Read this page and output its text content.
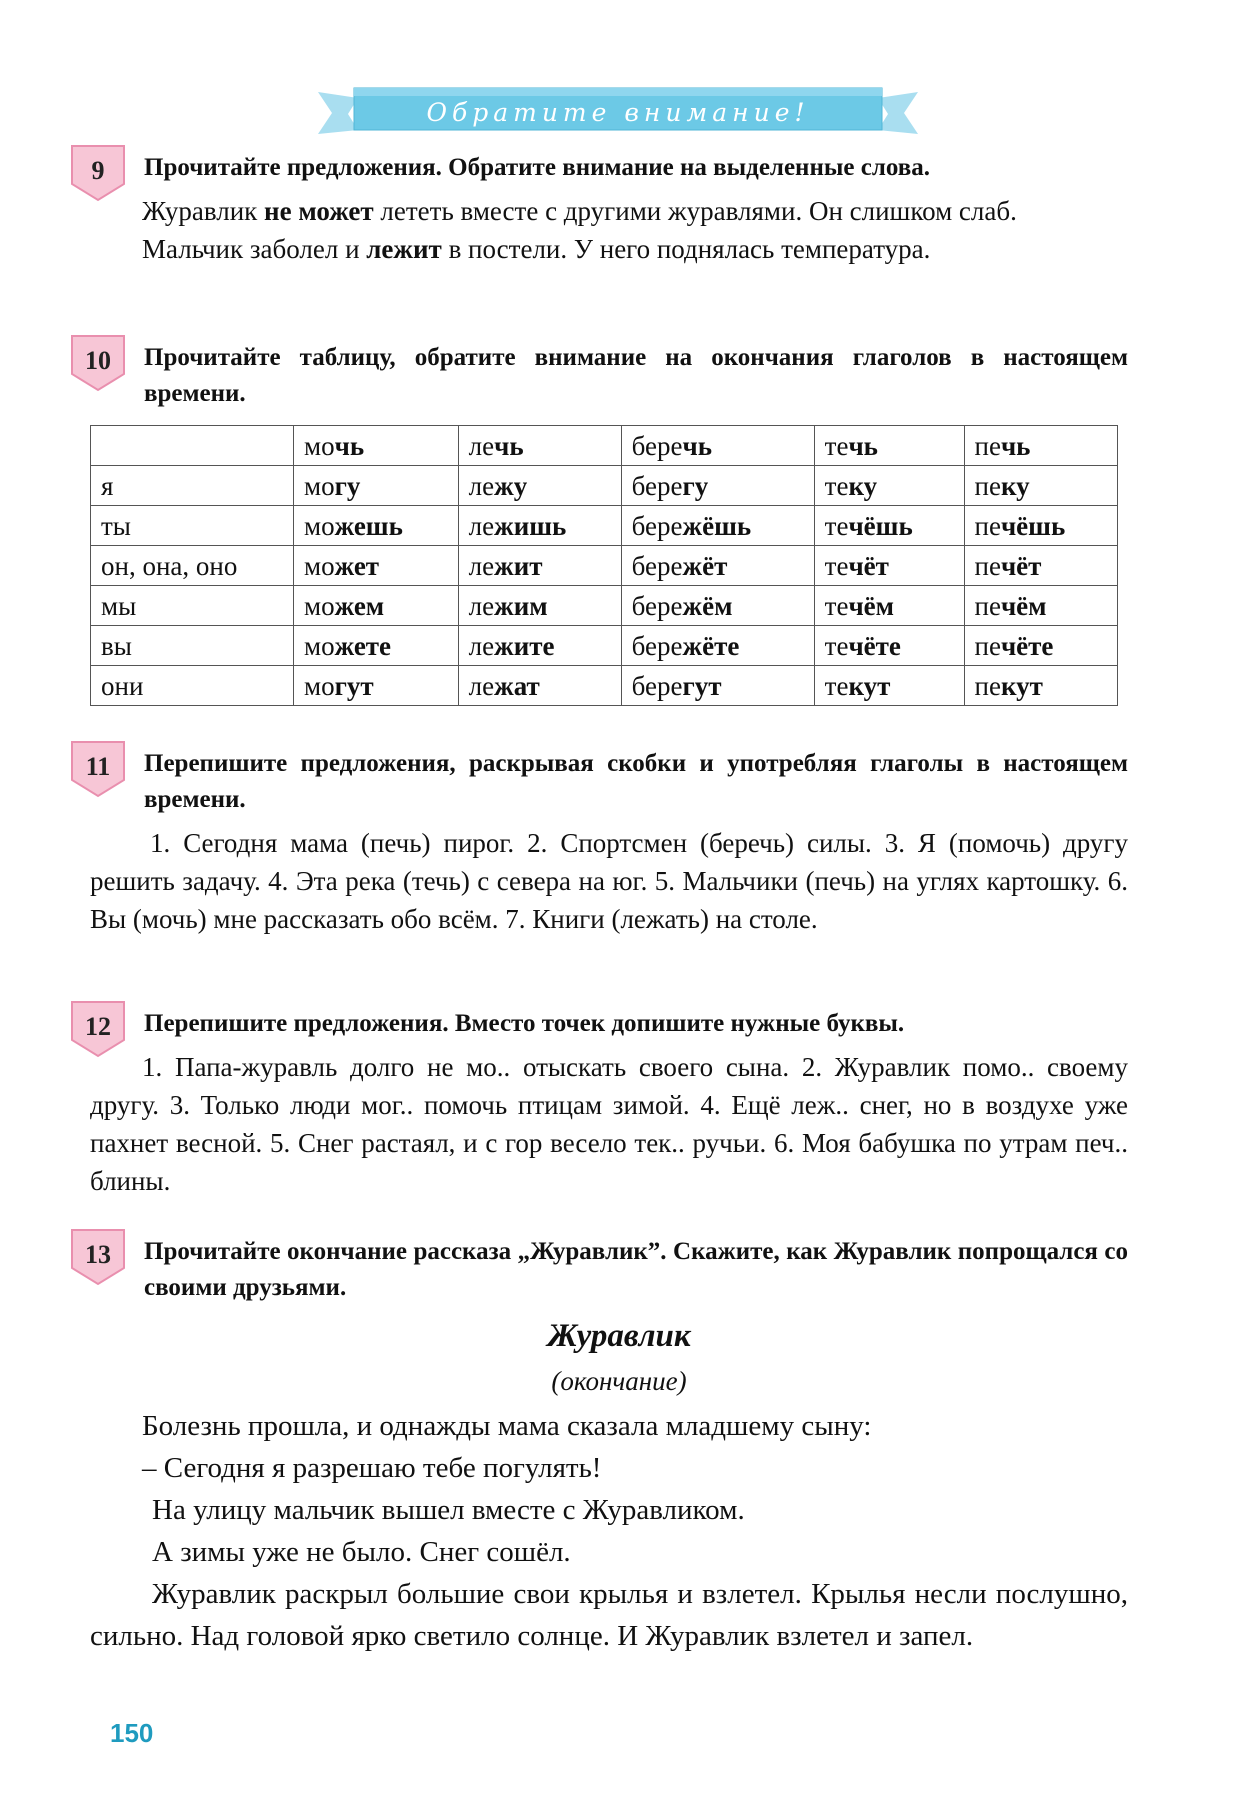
Обратите внимание!
9	Прочитайте предложения. Обратите внимание на выделенные слова.

Журавлик не может лететь вместе с другими журавлями. Он слишком слаб.

Мальчик заболел и лежит в постели. У него поднялась температура.

10	Прочитайте таблицу, обратите внимание на окончания глаголов в настоящем времени.
	мочь	лечь	беречь	течь	печь
я	могу	лежу	берегу	теку	пеку
ты	можешь	лежишь	бережёшь	течёшь	печёшь
он, она, оно	может	лежит	бережёт	течёт	печёт
мы	можем	лежим	бережём	течём	печём
вы	можете	лежите	бережёте	течёте	печёте
они	могут	лежат	берегут	текут	пекут
11	Перепишите предложения, раскрывая скобки и употребляя глаголы в настоящем времени.

1. Сегодня мама (печь) пирог. 2. Спортсмен (беречь) силы. 3. Я (помочь) другу решить задачу. 4. Эта река (течь) с севера на юг. 5. Мальчики (печь) на углях картошку. 6. Вы (мочь) мне рассказать обо всём. 7. Книги (лежать) на столе.

12	Перепишите предложения. Вместо точек допишите нужные буквы.

1. Папа-журавль долго не мо.. отыскать своего сына. 2. Журавлик помо.. своему другу. 3. Только люди мог.. помочь птицам зимой. 4. Ещё леж.. снег, но в воздухе уже пахнет весной. 5. Снег растаял, и с гор весело тек.. ручьи. 6. Моя бабушка по утрам печ.. блины.

13	Прочитайте окончание рассказа „Журавлик”. Скажите, как Журавлик попрощался со своими друзьями.
Журавлик
(окончание)

Болезнь прошла, и однажды мама сказала младшему сыну:

– Сегодня я разрешаю тебе погулять!

На улицу мальчик вышел вместе с Журавликом.

А зимы уже не было. Снег сошёл.

Журавлик раскрыл большие свои крылья и взлетел. Крылья несли послушно, сильно. Над головой ярко светило солнце. И Журавлик взлетел и запел.

150
